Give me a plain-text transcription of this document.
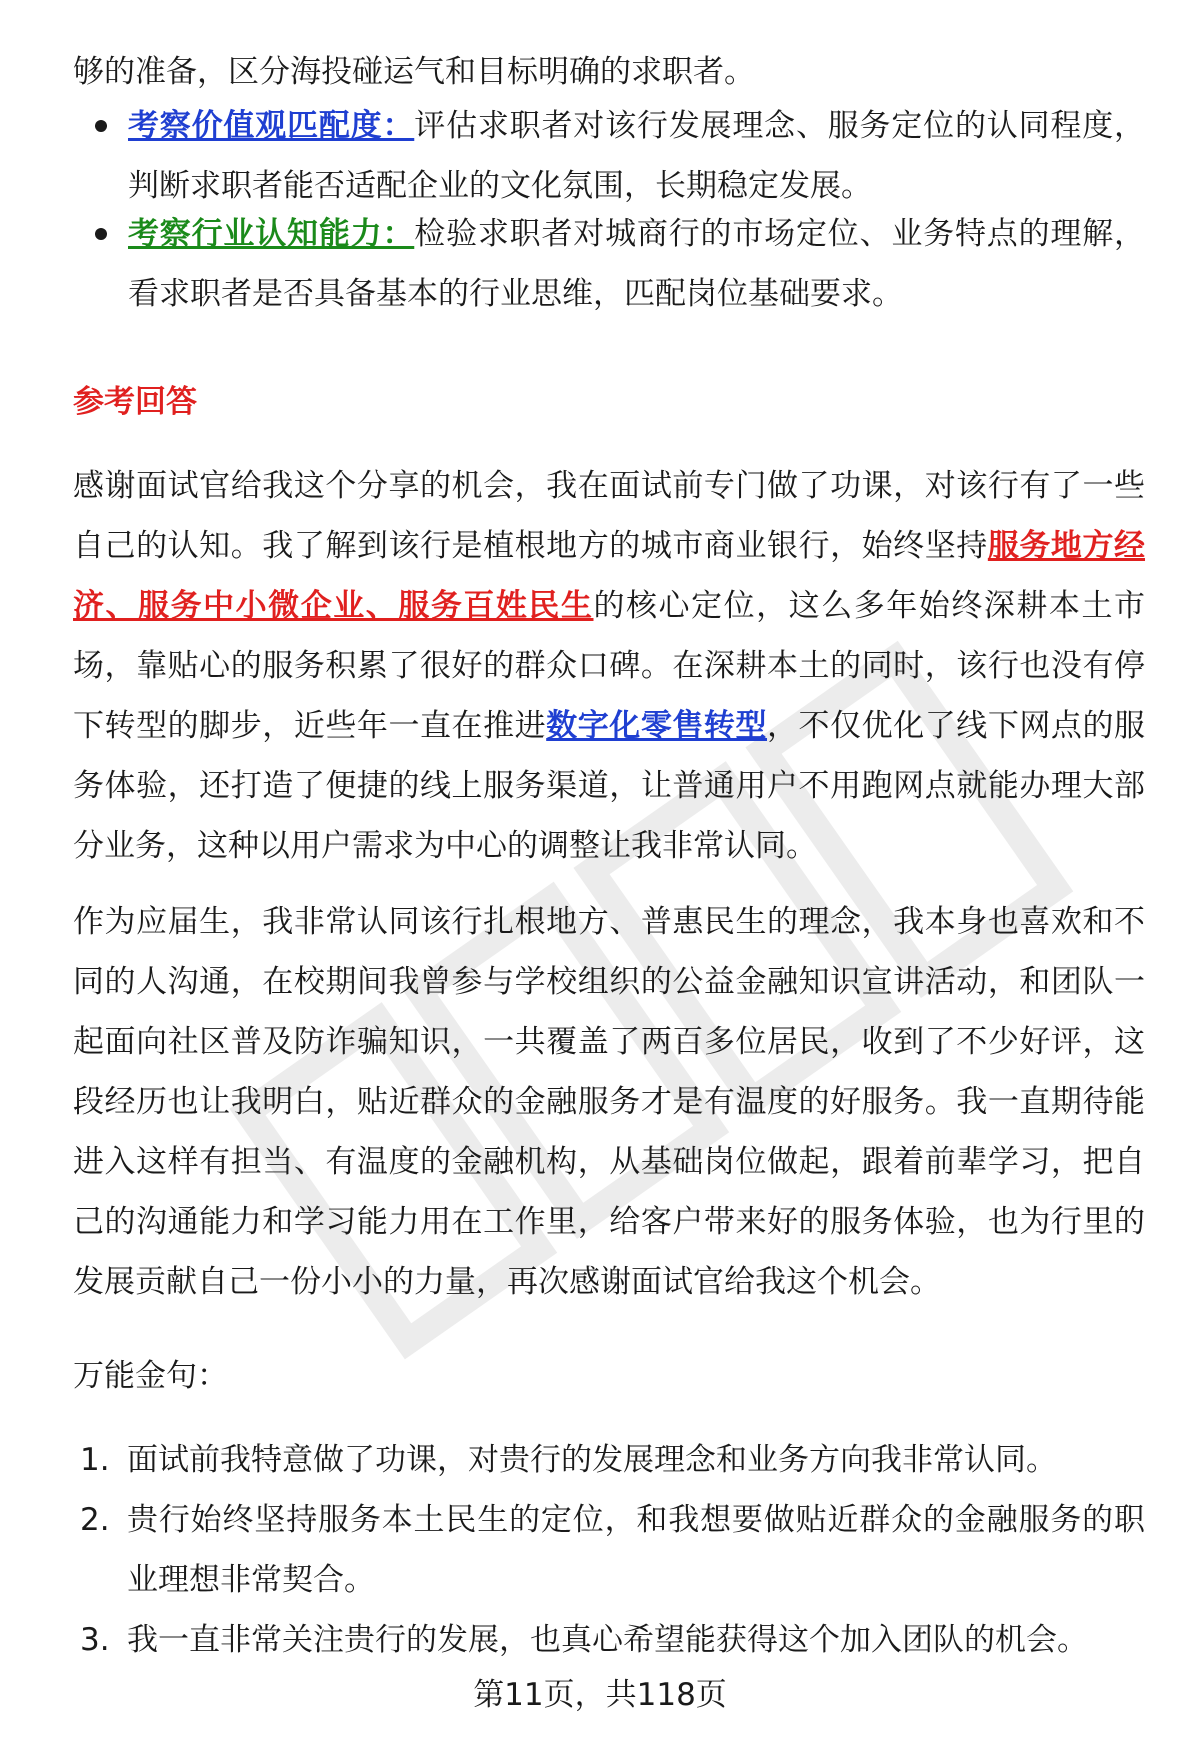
够的准备，区分海投碰运气和目标明确的求职者。

考察价值观匹配度：评估求职者对该行发展理念、服务定位的认同程度，判断求职者能否适配企业的文化氛围，长期稳定发展。

考察行业认知能力：检验求职者对城商行的市场定位、业务特点的理解，看求职者是否具备基本的行业思维，匹配岗位基础要求。

参考回答

感谢面试官给我这个分享的机会，我在面试前专门做了功课，对该行有了一些自己的认知。我了解到该行是植根地方的城市商业银行，始终坚持服务地方经济、服务中小微企业、服务百姓民生的核心定位，这么多年始终深耕本土市场，靠贴心的服务积累了很好的群众口碑。在深耕本土的同时，该行也没有停下转型的脚步，近些年一直在推进数字化零售转型，不仅优化了线下网点的服务体验，还打造了便捷的线上服务渠道，让普通用户不用跑网点就能办理大部分业务，这种以用户需求为中心的调整让我非常认同。

作为应届生，我非常认同该行扎根地方、普惠民生的理念，我本身也喜欢和不同的人沟通，在校期间我曾参与学校组织的公益金融知识宣讲活动，和团队一起面向社区普及防诈骗知识，一共覆盖了两百多位居民，收到了不少好评，这段经历也让我明白，贴近群众的金融服务才是有温度的好服务。我一直期待能进入这样有担当、有温度的金融机构，从基础岗位做起，跟着前辈学习，把自己的沟通能力和学习能力用在工作里，给客户带来好的服务体验，也为行里的发展贡献自己一份小小的力量，再次感谢面试官给我这个机会。

万能金句：

1. 面试前我特意做了功课，对贵行的发展理念和业务方向我非常认同。

2. 贵行始终坚持服务本土民生的定位，和我想要做贴近群众的金融服务的职业理想非常契合。

3. 我一直非常关注贵行的发展，也真心希望能获得这个加入团队的机会。

第11页，共118页
